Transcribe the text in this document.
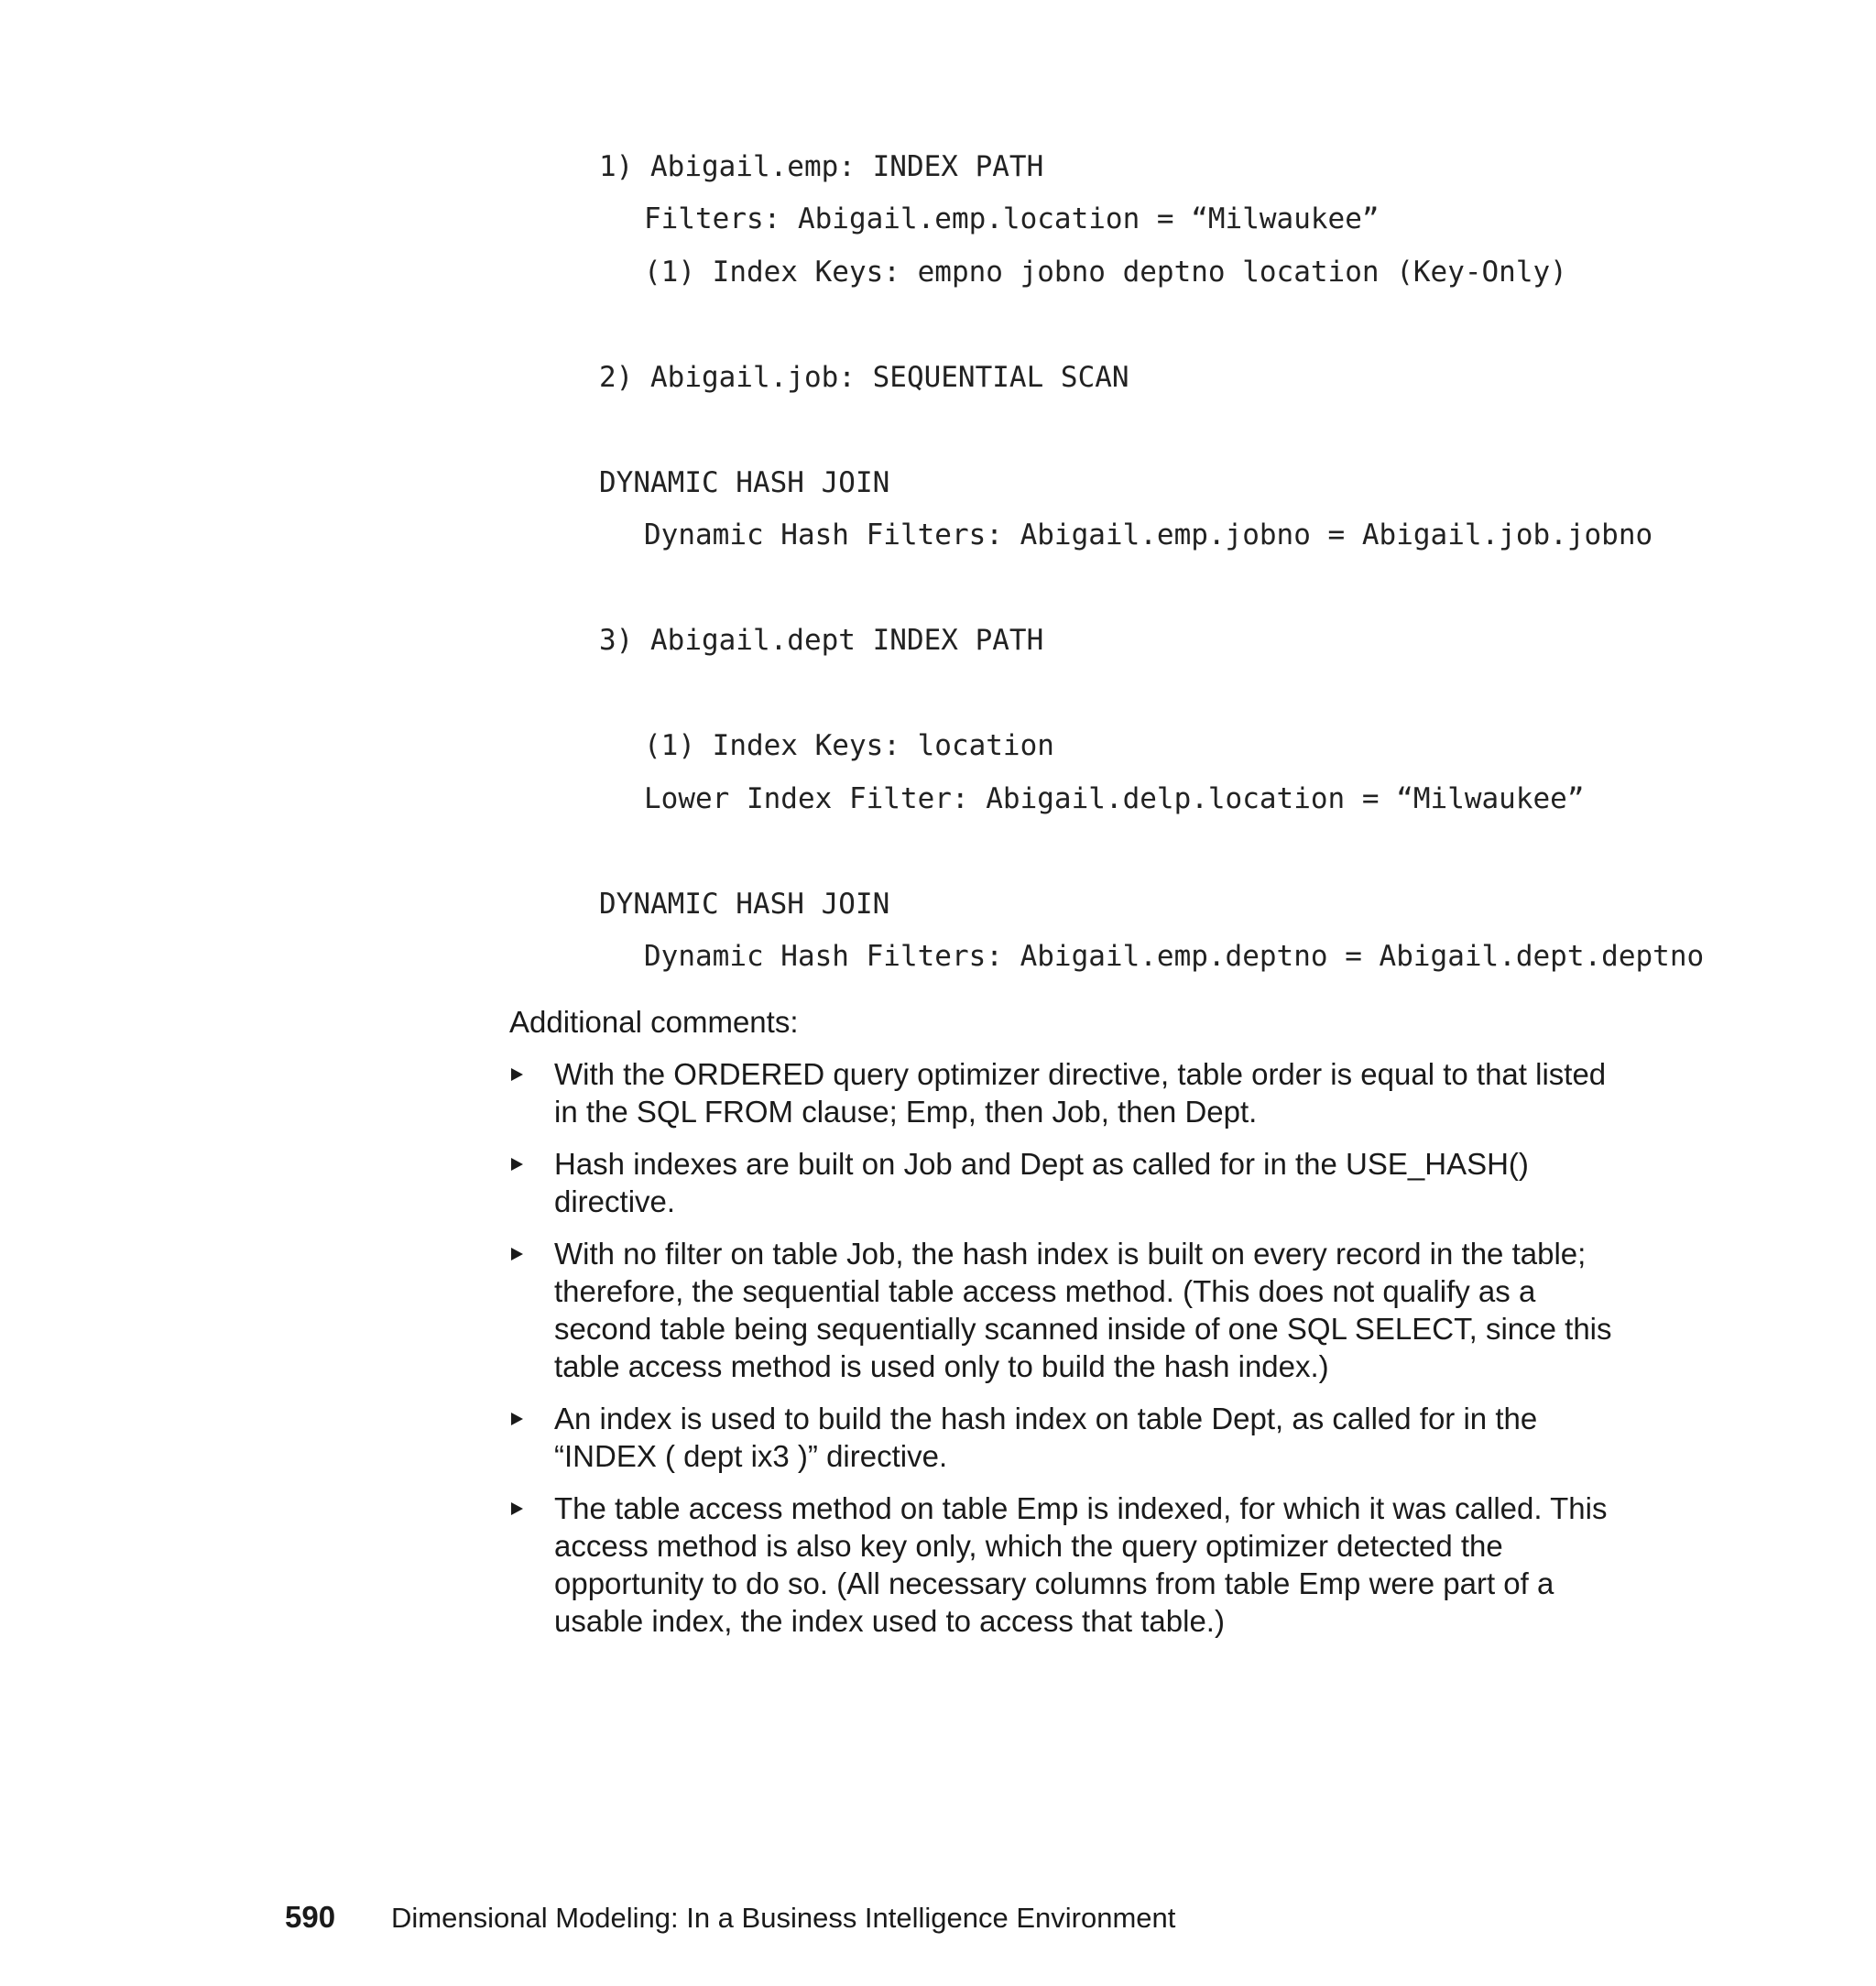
1) Abigail.emp: INDEX PATH

Filters: Abigail.emp.location = “Milwaukee”

(1) Index Keys: empno jobno deptno location (Key-Only)

2) Abigail.job: SEQUENTIAL SCAN

DYNAMIC HASH JOIN

Dynamic Hash Filters: Abigail.emp.jobno = Abigail.job.jobno

3) Abigail.dept INDEX PATH

(1) Index Keys: location

Lower Index Filter: Abigail.delp.location = “Milwaukee”

DYNAMIC HASH JOIN

Dynamic Hash Filters: Abigail.emp.deptno = Abigail.dept.deptno

Additional comments:

With the ORDERED query optimizer directive, table order is equal to that listed in the SQL FROM clause; Emp, then Job, then Dept.
Hash indexes are built on Job and Dept as called for in the USE_HASH() directive.
With no filter on table Job, the hash index is built on every record in the table; therefore, the sequential table access method. (This does not qualify as a second table being sequentially scanned inside of one SQL SELECT, since this table access method is used only to build the hash index.)
An index is used to build the hash index on table Dept, as called for in the “INDEX ( dept ix3 )” directive.
The table access method on table Emp is indexed, for which it was called. This access method is also key only, which the query optimizer detected the opportunity to do so. (All necessary columns from table Emp were part of a usable index, the index used to access that table.)
590 Dimensional Modeling: In a Business Intelligence Environment
